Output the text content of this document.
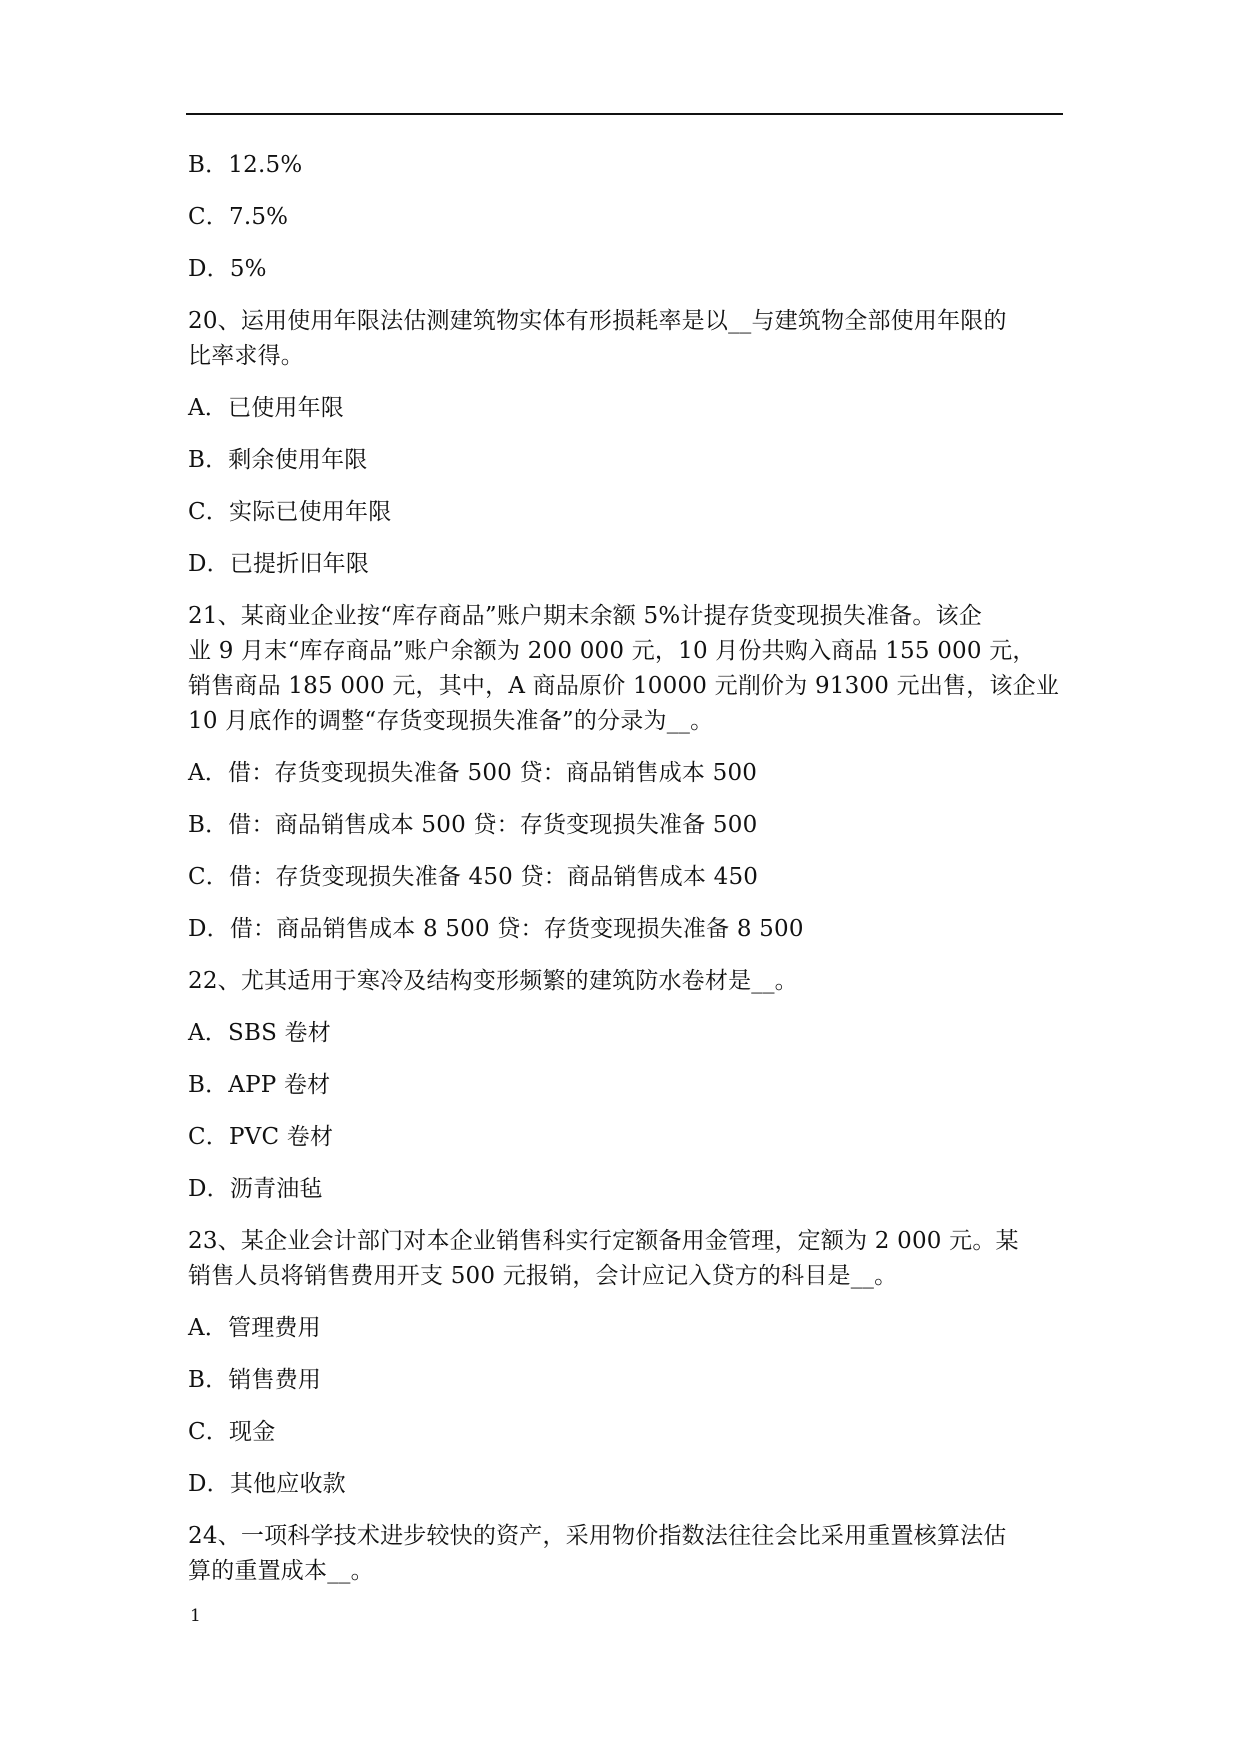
B．12.5%
C．7.5%
D．5%
20、运用使用年限法估测建筑物实体有形损耗率是以__与建筑物全部使用年限的
比率求得。
A．已使用年限
B．剩余使用年限
C．实际已使用年限
D．已提折旧年限
21、某商业企业按“库存商品”账户期末余额 5%计提存货变现损失准备。该企
业 9 月末“库存商品”账户余额为 200 000 元，10 月份共购入商品 155 000 元，
销售商品 185 000 元，其中，A 商品原价 10000 元削价为 91300 元出售，该企业
10 月底作的调整“存货变现损失准备”的分录为__。
A．借：存货变现损失准备 500 贷：商品销售成本 500
B．借：商品销售成本 500 贷：存货变现损失准备 500
C．借：存货变现损失准备 450 贷：商品销售成本 450
D．借：商品销售成本 8 500 贷：存货变现损失准备 8 500
22、尤其适用于寒冷及结构变形频繁的建筑防水卷材是__。
A．SBS 卷材
B．APP 卷材
C．PVC 卷材
D．沥青油毡
23、某企业会计部门对本企业销售科实行定额备用金管理，定额为 2 000 元。某
销售人员将销售费用开支 500 元报销，会计应记入贷方的科目是__。
A．管理费用
B．销售费用
C．现金
D．其他应收款
24、一项科学技术进步较快的资产，采用物价指数法往往会比采用重置核算法估
算的重置成本__。
1
